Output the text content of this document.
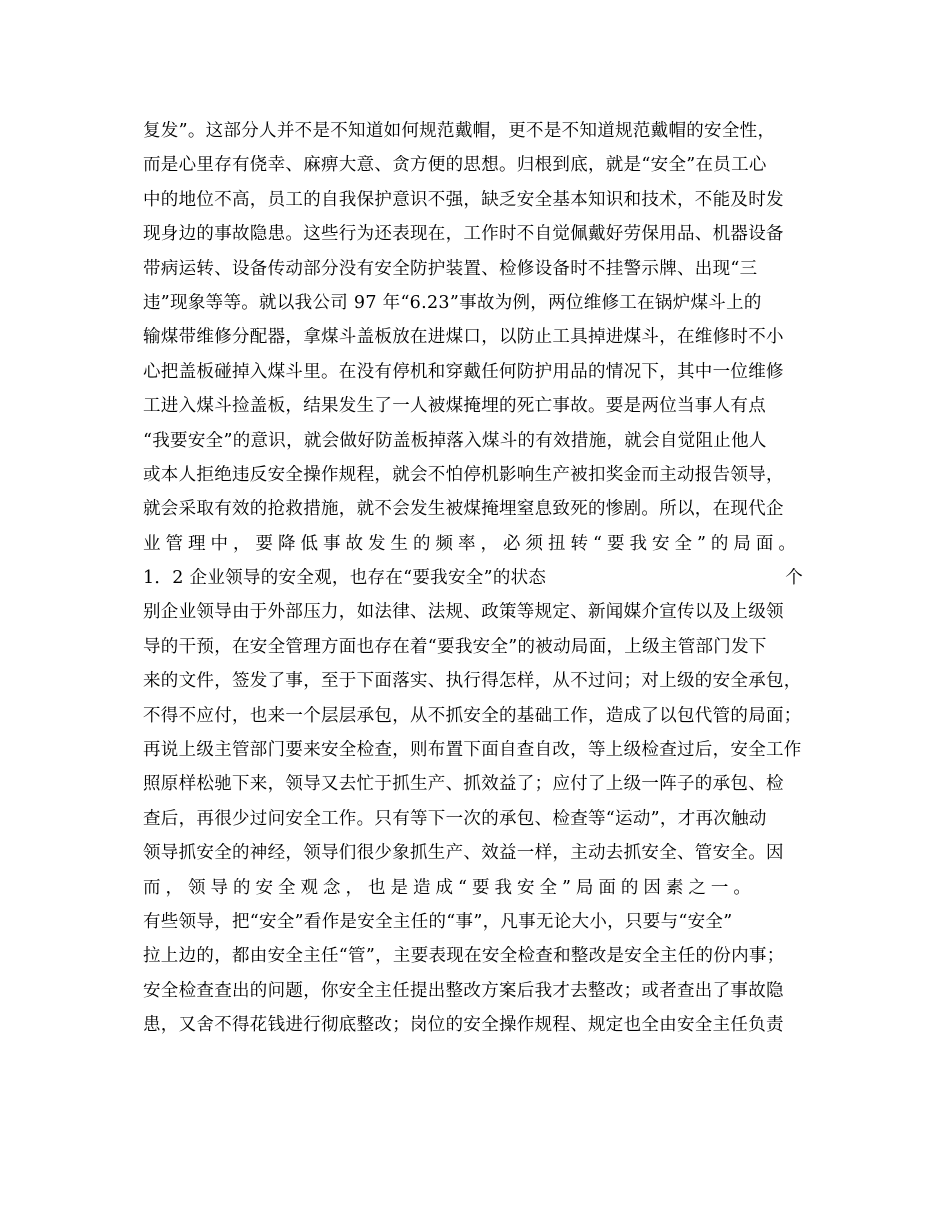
复发”。这部分人并不是不知道如何规范戴帽，更不是不知道规范戴帽的安全性，
而是心里存有侥幸、麻痹大意、贪方便的思想。归根到底，就是“安全”在员工心
中的地位不高，员工的自我保护意识不强，缺乏安全基本知识和技术，不能及时发
现身边的事故隐患。这些行为还表现在，工作时不自觉佩戴好劳保用品、机器设备
带病运转、设备传动部分没有安全防护装置、检修设备时不挂警示牌、出现“三
违”现象等等。就以我公司 97 年“6.23”事故为例，两位维修工在锅炉煤斗上的
输煤带维修分配器，拿煤斗盖板放在进煤口，以防止工具掉进煤斗，在维修时不小
心把盖板碰掉入煤斗里。在没有停机和穿戴任何防护用品的情况下，其中一位维修
工进入煤斗捡盖板，结果发生了一人被煤掩埋的死亡事故。要是两位当事人有点
“我要安全”的意识，就会做好防盖板掉落入煤斗的有效措施，就会自觉阻止他人
或本人拒绝违反安全操作规程，就会不怕停机影响生产被扣奖金而主动报告领导，
就会采取有效的抢救措施，就不会发生被煤掩埋窒息致死的惨剧。所以，在现代企
业管理中，要降低事故发生的频率，必须扭转“要我安全”的局面。
1．2 企业领导的安全观，也存在“要我安全”的状态	个
别企业领导由于外部压力，如法律、法规、政策等规定、新闻媒介宣传以及上级领
导的干预，在安全管理方面也存在着“要我安全”的被动局面，上级主管部门发下
来的文件，签发了事，至于下面落实、执行得怎样，从不过问；对上级的安全承包，
不得不应付，也来一个层层承包，从不抓安全的基础工作，造成了以包代管的局面；
再说上级主管部门要来安全检查，则布置下面自查自改，等上级检查过后，安全工作
照原样松驰下来，领导又去忙于抓生产、抓效益了；应付了上级一阵子的承包、检
查后，再很少过问安全工作。只有等下一次的承包、检查等“运动”，才再次触动
领导抓安全的神经，领导们很少象抓生产、效益一样，主动去抓安全、管安全。因
而，领导的安全观念，也是造成“要我安全”局面的因素之一。
有些领导，把“安全”看作是安全主任的“事”，凡事无论大小，只要与“安全”
拉上边的，都由安全主任“管”，主要表现在安全检查和整改是安全主任的份内事；
安全检查查出的问题，你安全主任提出整改方案后我才去整改；或者查出了事故隐
患，又舍不得花钱进行彻底整改；岗位的安全操作规程、规定也全由安全主任负责
